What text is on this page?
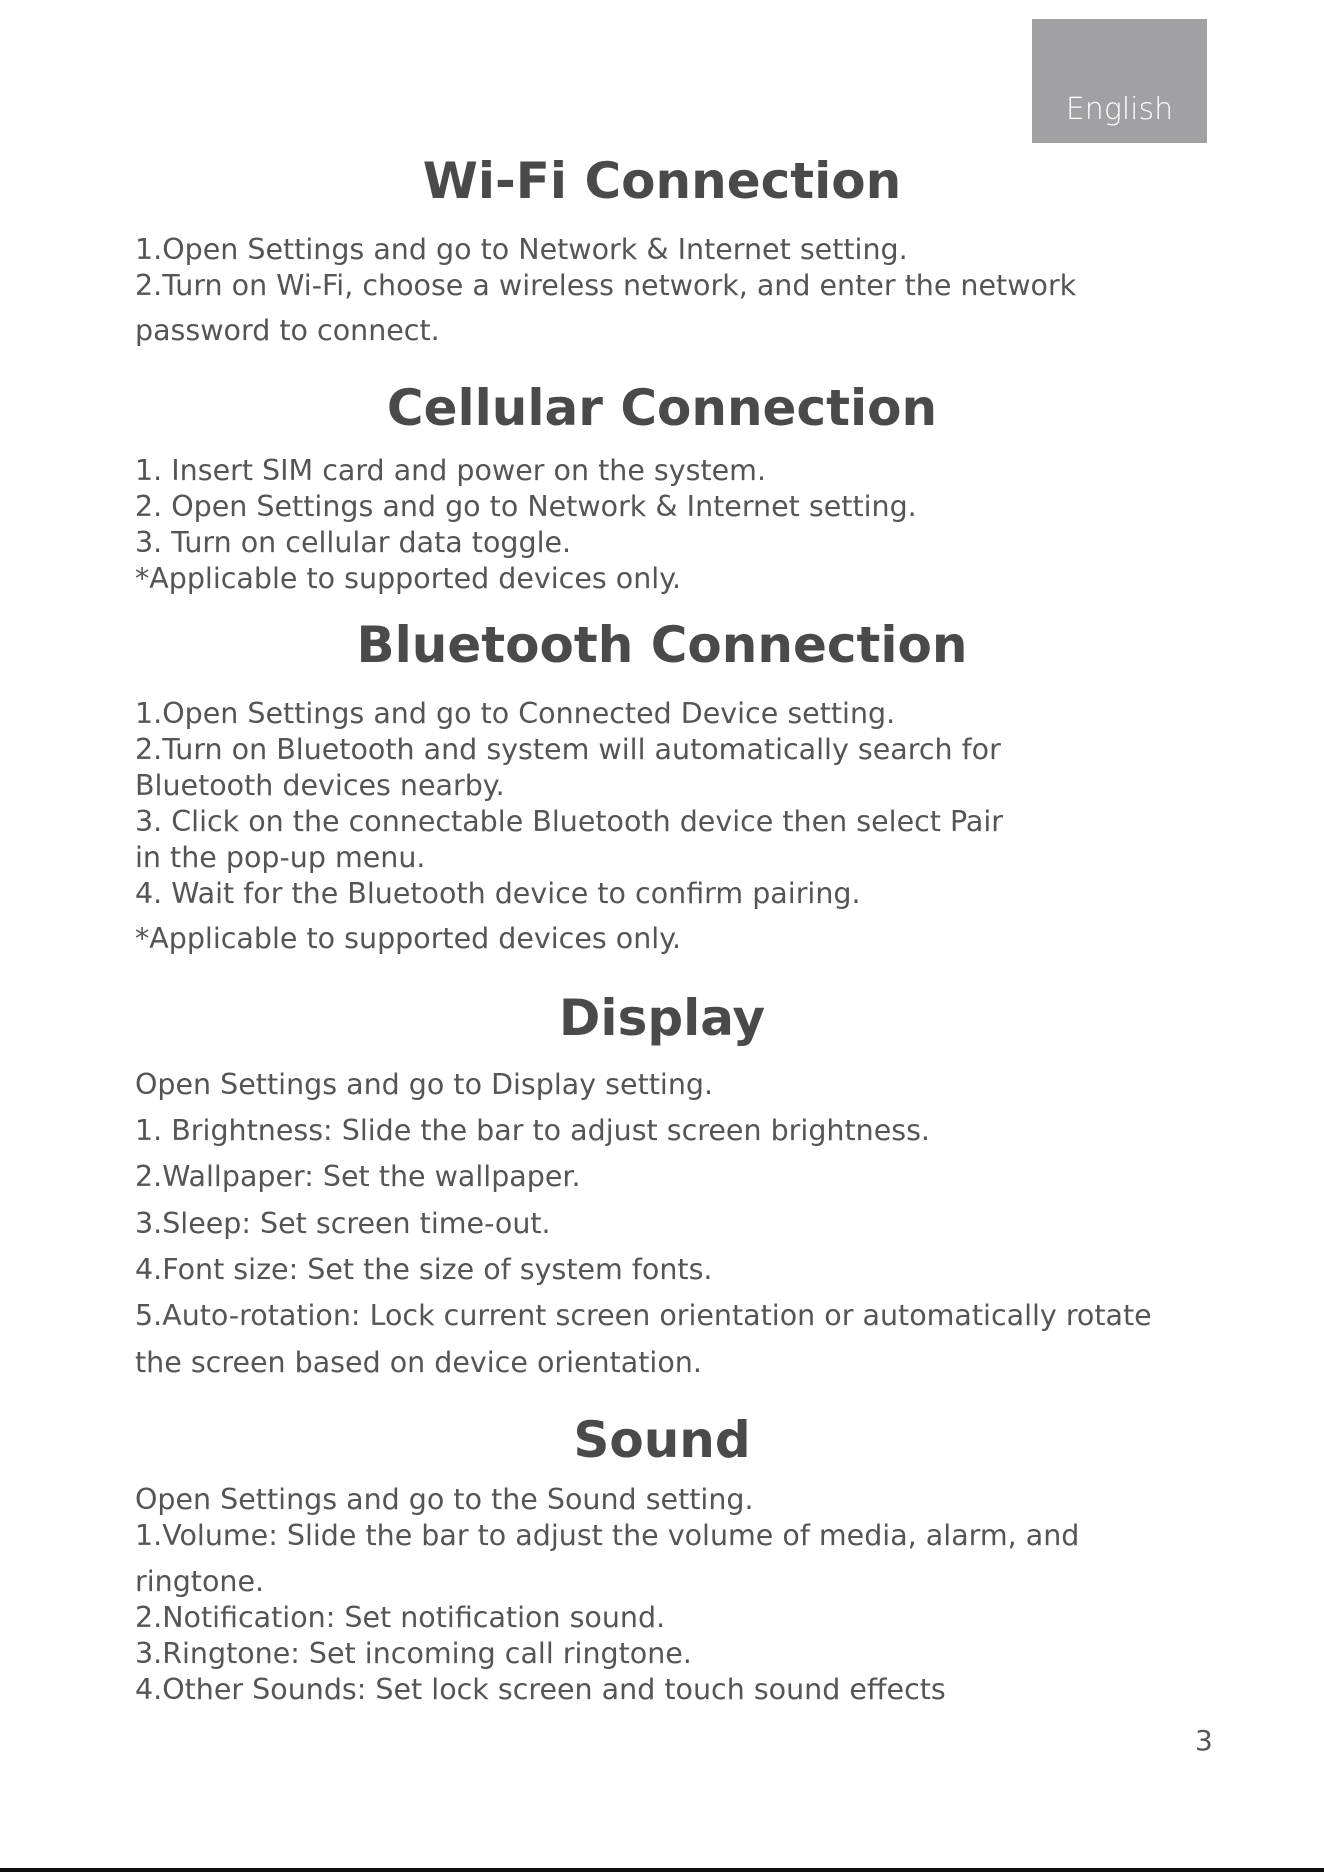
English
Wi-Fi Connection

1.Open Settings and go to Network & Internet setting.

2.Turn on Wi-Fi, choose a wireless network, and enter the network

password to connect.

Cellular Connection

1. Insert SIM card and power on the system.

2. Open Settings and go to Network & Internet setting.

3. Turn on cellular data toggle.

*Applicable to supported devices only.

Bluetooth Connection

1.Open Settings and go to Connected Device setting.

2.Turn on Bluetooth and system will automatically search for

Bluetooth devices nearby.

3. Click on the connectable Bluetooth device then select Pair

in the pop-up menu.

4. Wait for the Bluetooth device to confirm pairing.

*Applicable to supported devices only.

Display

Open Settings and go to Display setting.

1. Brightness: Slide the bar to adjust screen brightness.

2.Wallpaper: Set the wallpaper.

3.Sleep: Set screen time-out.

4.Font size: Set the size of system fonts.

5.Auto-rotation: Lock current screen orientation or automatically rotate

the screen based on device orientation.

Sound

Open Settings and go to the Sound setting.

1.Volume: Slide the bar to adjust the volume of media, alarm, and

ringtone.

2.Notification: Set notification sound.

3.Ringtone: Set incoming call ringtone.

4.Other Sounds: Set lock screen and touch sound effects

3
